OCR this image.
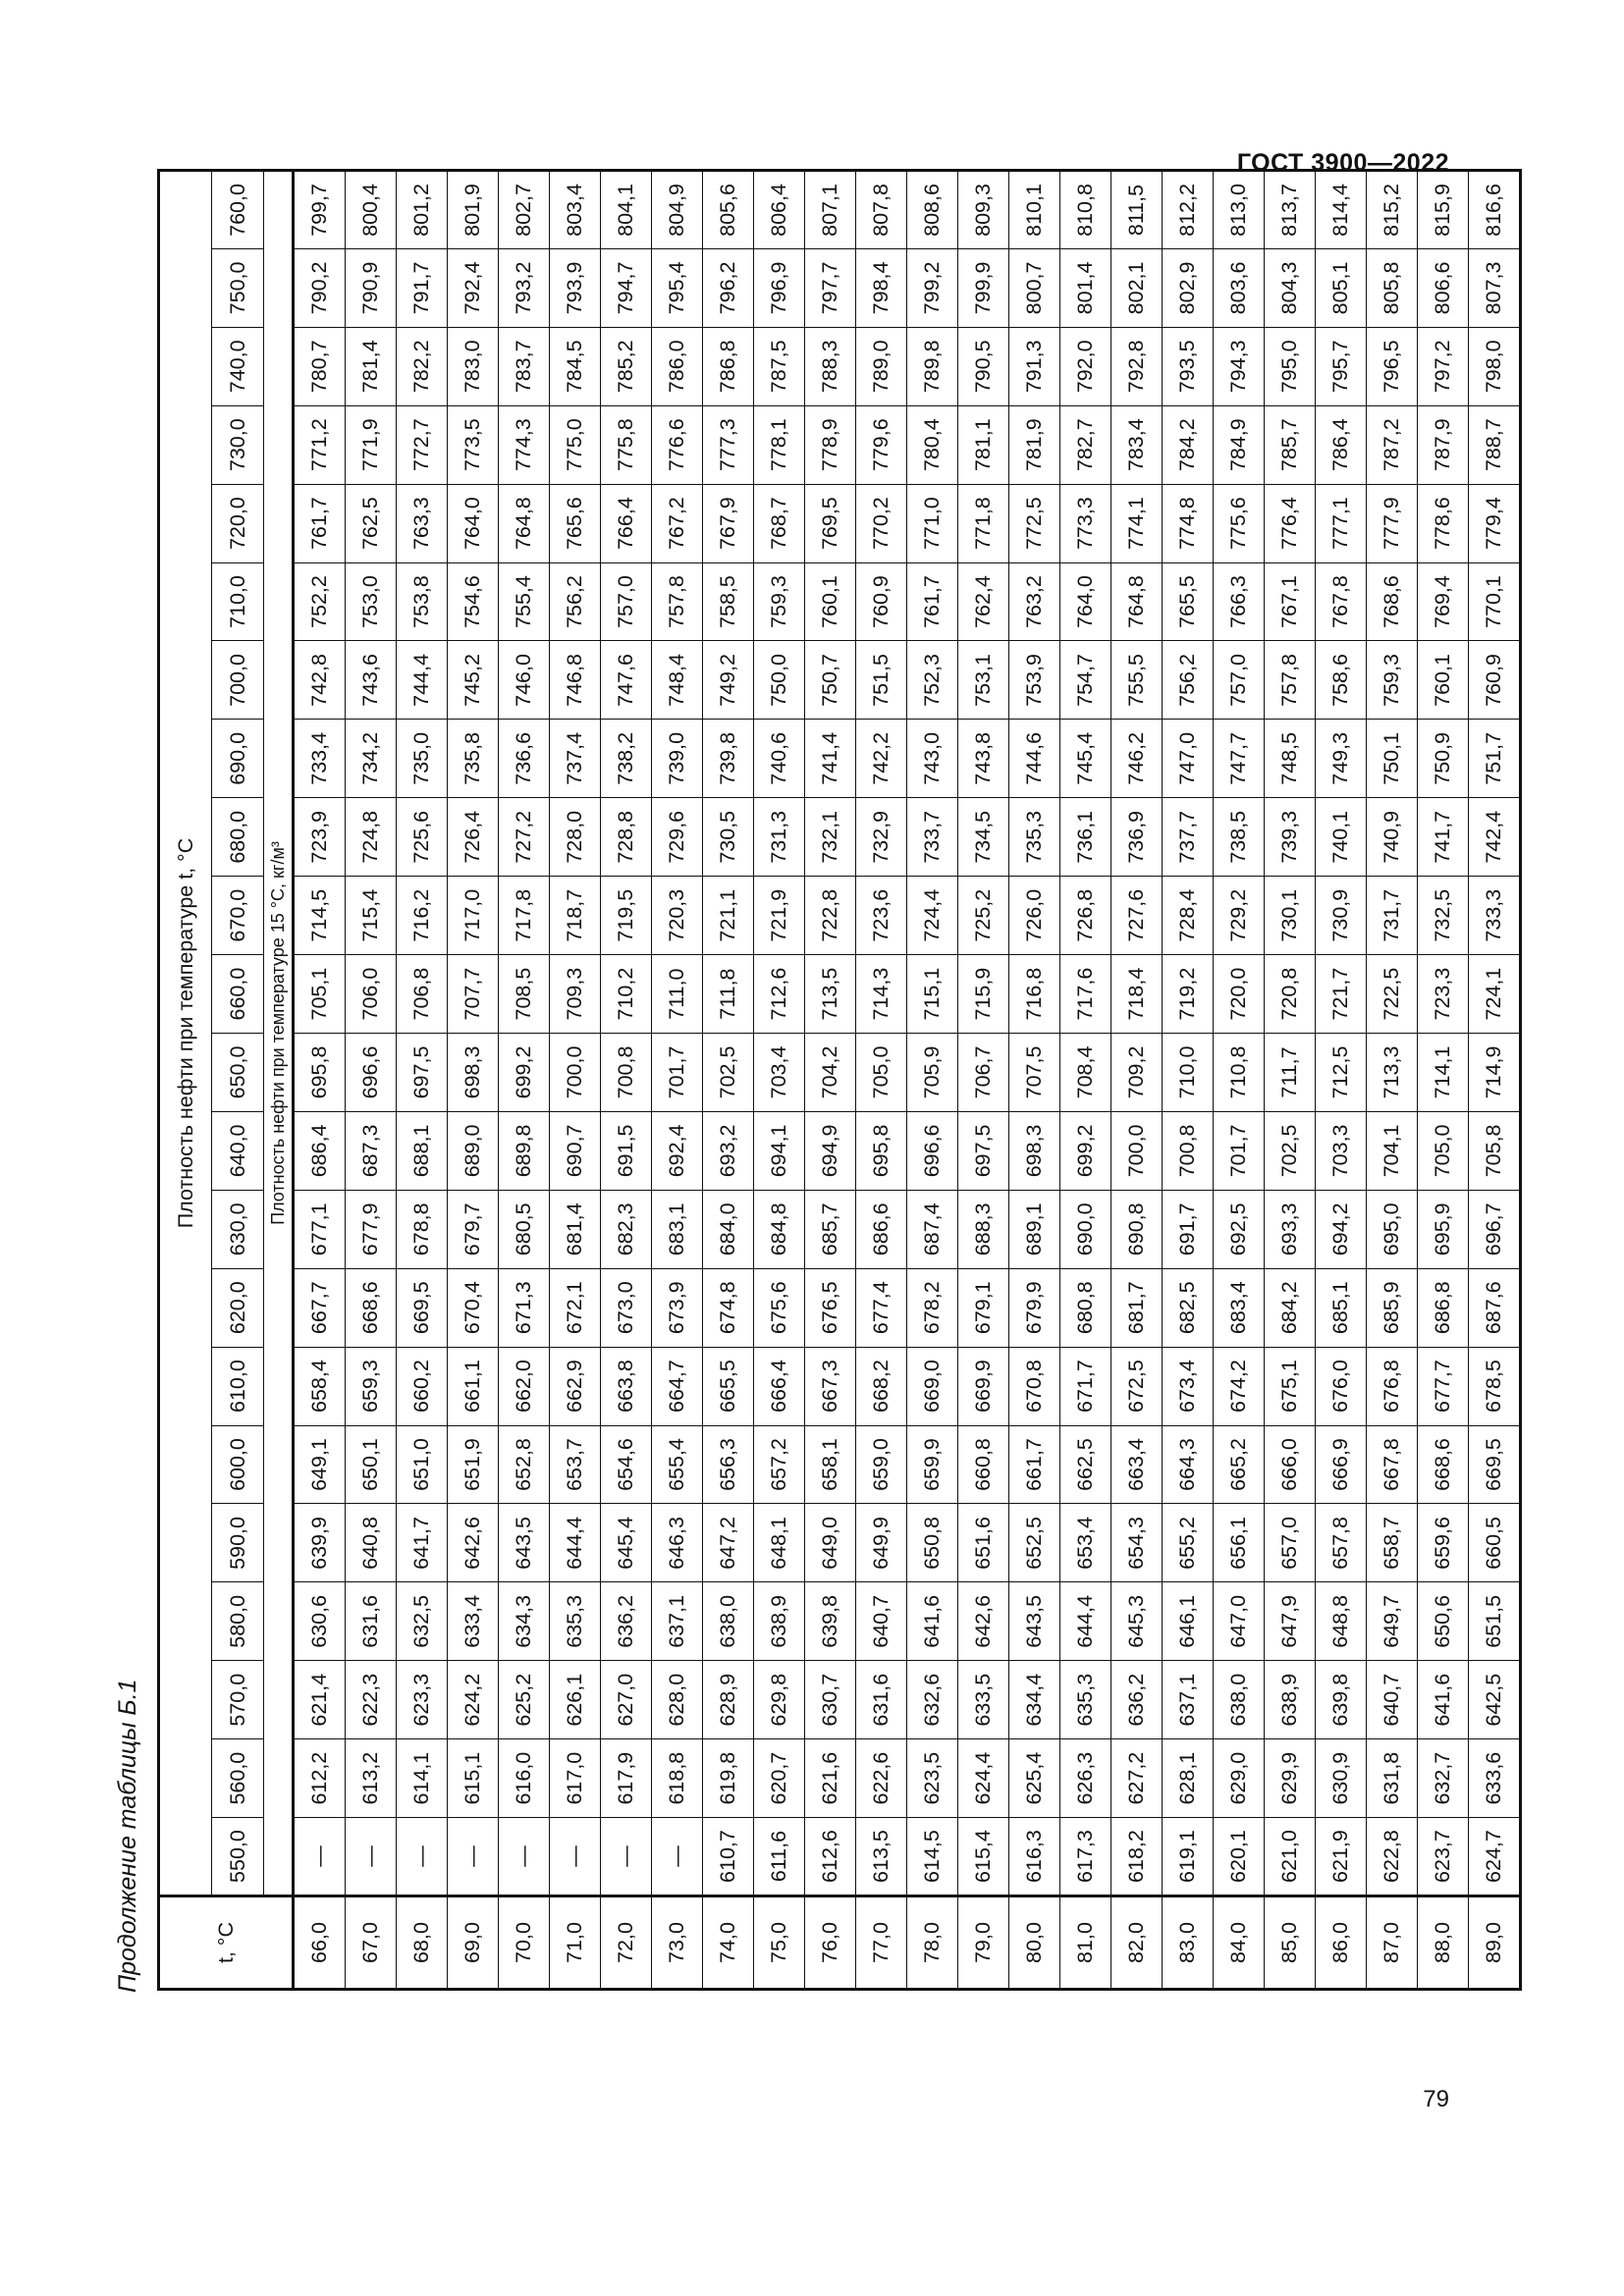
ГОСТ 3900—2022
Продолжение таблицы Б.1	t, °C	Плотность нефти при температуре t, °C																					
	550,0	560,0	570,0	580,0	590,0	600,0	610,0	620,0	630,0	640,0	650,0	660,0	670,0	680,0	690,0	700,0	710,0	720,0	730,0	740,0	750,0	760,0
	Плотность нефти при температуре 15 °C, кг/м³																					
66,0	—	612,2	621,4	630,6	639,9	649,1	658,4	667,7	677,1	686,4	695,8	705,1	714,5	723,9	733,4	742,8	752,2	761,7	771,2	780,7	790,2	799,7
67,0	—	613,2	622,3	631,6	640,8	650,1	659,3	668,6	677,9	687,3	696,6	706,0	715,4	724,8	734,2	743,6	753,0	762,5	771,9	781,4	790,9	800,4
68,0	—	614,1	623,3	632,5	641,7	651,0	660,2	669,5	678,8	688,1	697,5	706,8	716,2	725,6	735,0	744,4	753,8	763,3	772,7	782,2	791,7	801,2
69,0	—	615,1	624,2	633,4	642,6	651,9	661,1	670,4	679,7	689,0	698,3	707,7	717,0	726,4	735,8	745,2	754,6	764,0	773,5	783,0	792,4	801,9
70,0	—	616,0	625,2	634,3	643,5	652,8	662,0	671,3	680,5	689,8	699,2	708,5	717,8	727,2	736,6	746,0	755,4	764,8	774,3	783,7	793,2	802,7
71,0	—	617,0	626,1	635,3	644,4	653,7	662,9	672,1	681,4	690,7	700,0	709,3	718,7	728,0	737,4	746,8	756,2	765,6	775,0	784,5	793,9	803,4
72,0	—	617,9	627,0	636,2	645,4	654,6	663,8	673,0	682,3	691,5	700,8	710,2	719,5	728,8	738,2	747,6	757,0	766,4	775,8	785,2	794,7	804,1
73,0	—	618,8	628,0	637,1	646,3	655,4	664,7	673,9	683,1	692,4	701,7	711,0	720,3	729,6	739,0	748,4	757,8	767,2	776,6	786,0	795,4	804,9
74,0	610,7	619,8	628,9	638,0	647,2	656,3	665,5	674,8	684,0	693,2	702,5	711,8	721,1	730,5	739,8	749,2	758,5	767,9	777,3	786,8	796,2	805,6
75,0	611,6	620,7	629,8	638,9	648,1	657,2	666,4	675,6	684,8	694,1	703,4	712,6	721,9	731,3	740,6	750,0	759,3	768,7	778,1	787,5	796,9	806,4
76,0	612,6	621,6	630,7	639,8	649,0	658,1	667,3	676,5	685,7	694,9	704,2	713,5	722,8	732,1	741,4	750,7	760,1	769,5	778,9	788,3	797,7	807,1
77,0	613,5	622,6	631,6	640,7	649,9	659,0	668,2	677,4	686,6	695,8	705,0	714,3	723,6	732,9	742,2	751,5	760,9	770,2	779,6	789,0	798,4	807,8
78,0	614,5	623,5	632,6	641,6	650,8	659,9	669,0	678,2	687,4	696,6	705,9	715,1	724,4	733,7	743,0	752,3	761,7	771,0	780,4	789,8	799,2	808,6
79,0	615,4	624,4	633,5	642,6	651,6	660,8	669,9	679,1	688,3	697,5	706,7	715,9	725,2	734,5	743,8	753,1	762,4	771,8	781,1	790,5	799,9	809,3
80,0	616,3	625,4	634,4	643,5	652,5	661,7	670,8	679,9	689,1	698,3	707,5	716,8	726,0	735,3	744,6	753,9	763,2	772,5	781,9	791,3	800,7	810,1
81,0	617,3	626,3	635,3	644,4	653,4	662,5	671,7	680,8	690,0	699,2	708,4	717,6	726,8	736,1	745,4	754,7	764,0	773,3	782,7	792,0	801,4	810,8
82,0	618,2	627,2	636,2	645,3	654,3	663,4	672,5	681,7	690,8	700,0	709,2	718,4	727,6	736,9	746,2	755,5	764,8	774,1	783,4	792,8	802,1	811,5
83,0	619,1	628,1	637,1	646,1	655,2	664,3	673,4	682,5	691,7	700,8	710,0	719,2	728,4	737,7	747,0	756,2	765,5	774,8	784,2	793,5	802,9	812,2
84,0	620,1	629,0	638,0	647,0	656,1	665,2	674,2	683,4	692,5	701,7	710,8	720,0	729,2	738,5	747,7	757,0	766,3	775,6	784,9	794,3	803,6	813,0
85,0	621,0	629,9	638,9	647,9	657,0	666,0	675,1	684,2	693,3	702,5	711,7	720,8	730,1	739,3	748,5	757,8	767,1	776,4	785,7	795,0	804,3	813,7
86,0	621,9	630,9	639,8	648,8	657,8	666,9	676,0	685,1	694,2	703,3	712,5	721,7	730,9	740,1	749,3	758,6	767,8	777,1	786,4	795,7	805,1	814,4
87,0	622,8	631,8	640,7	649,7	658,7	667,8	676,8	685,9	695,0	704,1	713,3	722,5	731,7	740,9	750,1	759,3	768,6	777,9	787,2	796,5	805,8	815,2
88,0	623,7	632,7	641,6	650,6	659,6	668,6	677,7	686,8	695,9	705,0	714,1	723,3	732,5	741,7	750,9	760,1	769,4	778,6	787,9	797,2	806,6	815,9
89,0	624,7	633,6	642,5	651,5	660,5	669,5	678,5	687,6	696,7	705,8	714,9	724,1	733,3	742,4	751,7	760,9	770,1	779,4	788,7	798,0	807,3	816,6
79
